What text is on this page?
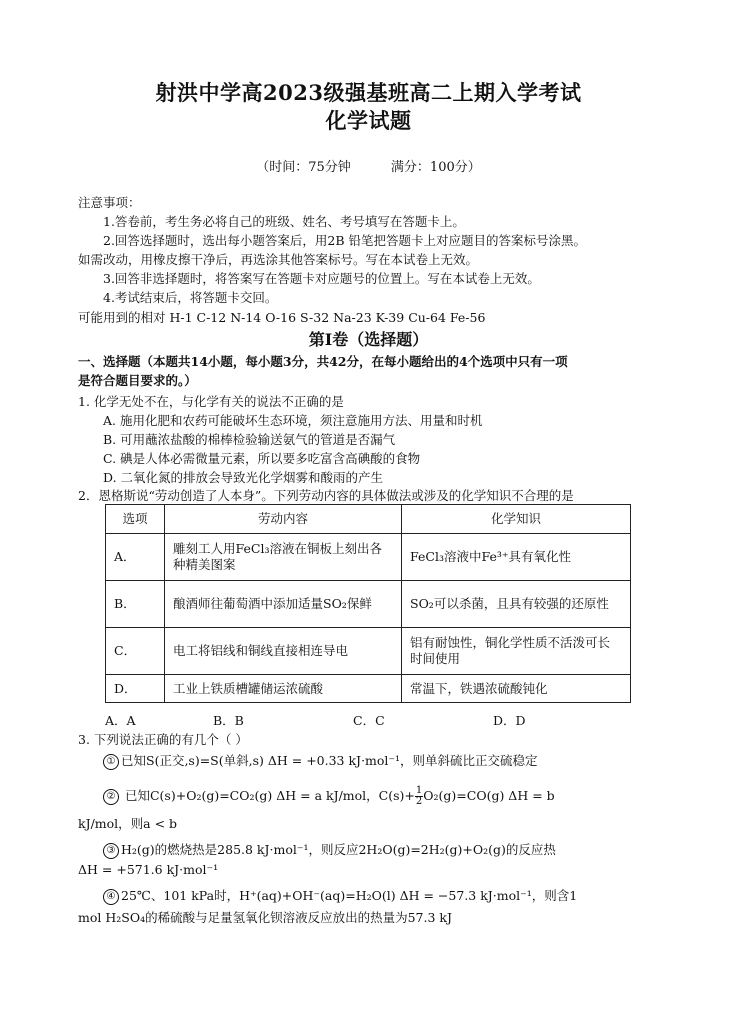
射洪中学高2023级强基班高二上期入学考试
化学试题
（时间：75分钟	满分：100分）
注意事项：
1.答卷前，考生务必将自己的班级、姓名、考号填写在答题卡上。
2.回答选择题时，选出每小题答案后，用2B 铅笔把答题卡上对应题目的答案标号涂黑。
如需改动，用橡皮擦干净后，再选涂其他答案标号。写在本试卷上无效。
3.回答非选择题时，将答案写在答题卡对应题号的位置上。写在本试卷上无效。
4.考试结束后，将答题卡交回。
可能用到的相对 H-1 C-12 N-14 O-16 S-32 Na-23 K-39 Cu-64 Fe-56
第Ⅰ卷（选择题）
一、选择题（本题共14小题，每小题3分，共42分，在每小题给出的4个选项中只有一项
是符合题目要求的。）
1. 化学无处不在，与化学有关的说法不正确的是
A. 施用化肥和农药可能破坏生态环境，须注意施用方法、用量和时机
B. 可用蘸浓盐酸的棉棒检验输送氨气的管道是否漏气
C. 碘是人体必需微量元素，所以要多吃富含高碘酸的食物
D. 二氧化氮的排放会导致光化学烟雾和酸雨的产生
2．恩格斯说“劳动创造了人本身”。下列劳动内容的具体做法或涉及的化学知识不合理的是
选项	劳动内容	化学知识
A．	雕刻工人用FeCl₃溶液在铜板上刻出各种精美图案	FeCl₃溶液中Fe³⁺具有氧化性
B．	酿酒师往葡萄酒中添加适量SO₂保鲜	SO₂可以杀菌，且具有较强的还原性
C．	电工将铝线和铜线直接相连导电	铝有耐蚀性，铜化学性质不活泼可长时间使用
D．	工业上铁质槽罐储运浓硫酸	常温下，铁遇浓硫酸钝化
A．A	B．B	C．C	D．D
3. 下列说法正确的有几个（ ）
① 已知S(正交,s)=S(单斜,s) ΔH = +0.33 kJ·mol⁻¹，则单斜硫比正交硫稳定
② 已知C(s)+O₂(g)=CO₂(g) ΔH = a kJ/mol，$C(s)+ \frac{1}{2} O_2(g)=CO(g) \Delta H = b$
kJ/mol，则a < b
③ H₂(g)的燃烧热是285.8 kJ·mol⁻¹，则反应2H₂O(g)=2H₂(g)+O₂(g)的反应热
ΔH = +571.6 kJ·mol⁻¹
④ 25℃、101 kPa时，H⁺(aq)+OH⁻(aq)=H₂O(l) ΔH = −57.3 kJ·mol⁻¹，则含1
mol H₂SO₄的稀硫酸与足量氢氧化钡溶液反应放出的热量为57.3 kJ
